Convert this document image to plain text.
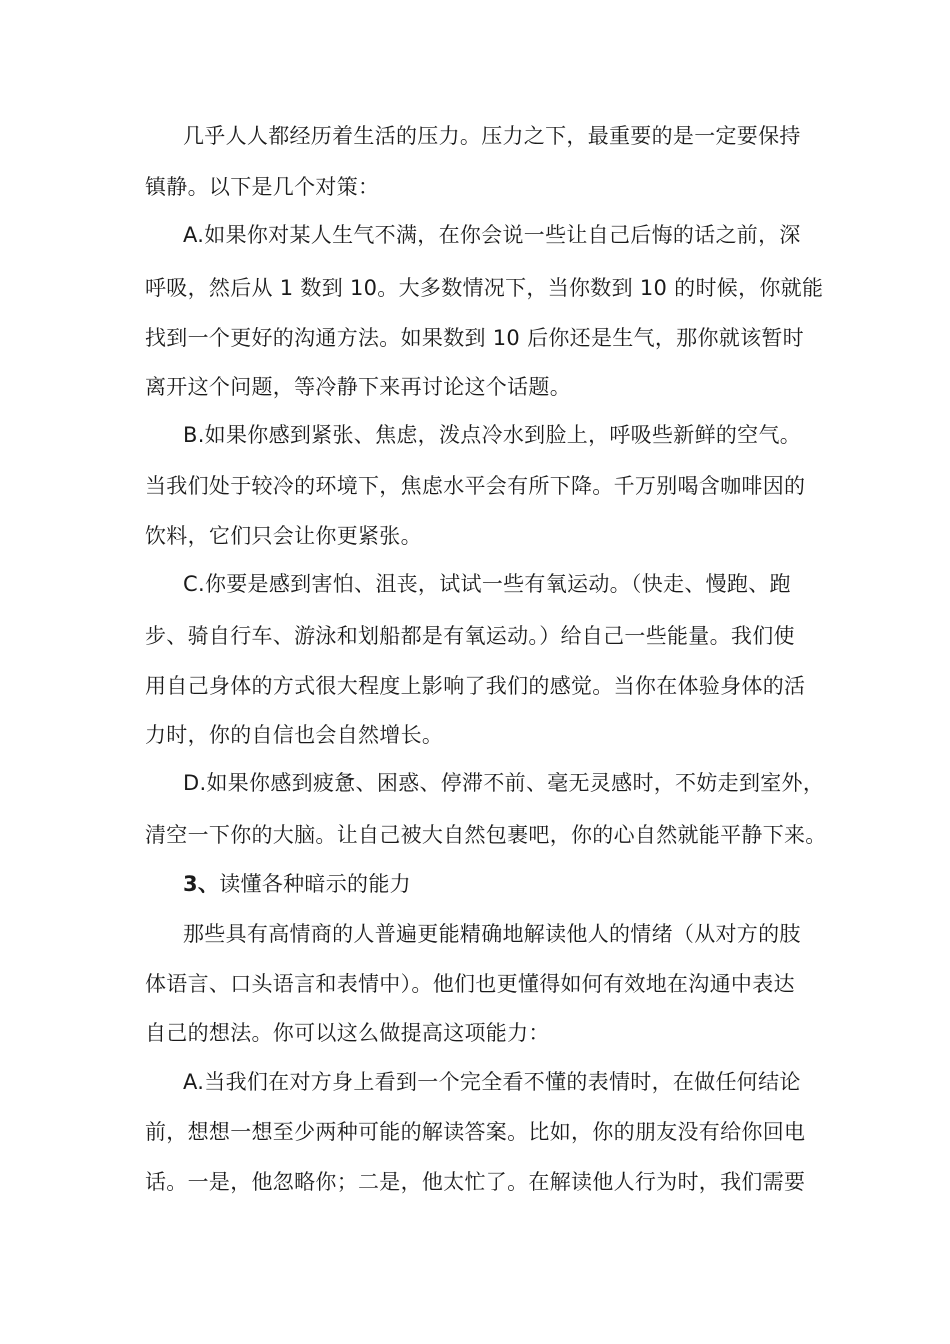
几乎人人都经历着生活的压力。压力之下，最重要的是一定要保持
镇静。以下是几个对策：
A.如果你对某人生气不满，在你会说一些让自己后悔的话之前，深
呼吸，然后从 1 数到 10。大多数情况下，当你数到 10 的时候，你就能
找到一个更好的沟通方法。如果数到 10 后你还是生气，那你就该暂时
离开这个问题，等冷静下来再讨论这个话题。
B.如果你感到紧张、焦虑，泼点冷水到脸上，呼吸些新鲜的空气。
当我们处于较冷的环境下，焦虑水平会有所下降。千万别喝含咖啡因的
饮料，它们只会让你更紧张。
C.你要是感到害怕、沮丧，试试一些有氧运动。（快走、慢跑、跑
步、骑自行车、游泳和划船都是有氧运动。）给自己一些能量。我们使
用自己身体的方式很大程度上影响了我们的感觉。当你在体验身体的活
力时，你的自信也会自然增长。
D.如果你感到疲惫、困惑、停滞不前、毫无灵感时，不妨走到室外，
清空一下你的大脑。让自己被大自然包裹吧，你的心自然就能平静下来。
3、读懂各种暗示的能力
那些具有高情商的人普遍更能精确地解读他人的情绪（从对方的肢
体语言、口头语言和表情中）。他们也更懂得如何有效地在沟通中表达
自己的想法。你可以这么做提高这项能力：
A.当我们在对方身上看到一个完全看不懂的表情时，在做任何结论
前，想想一想至少两种可能的解读答案。比如，你的朋友没有给你回电
话。一是，他忽略你；二是，他太忙了。在解读他人行为时，我们需要
